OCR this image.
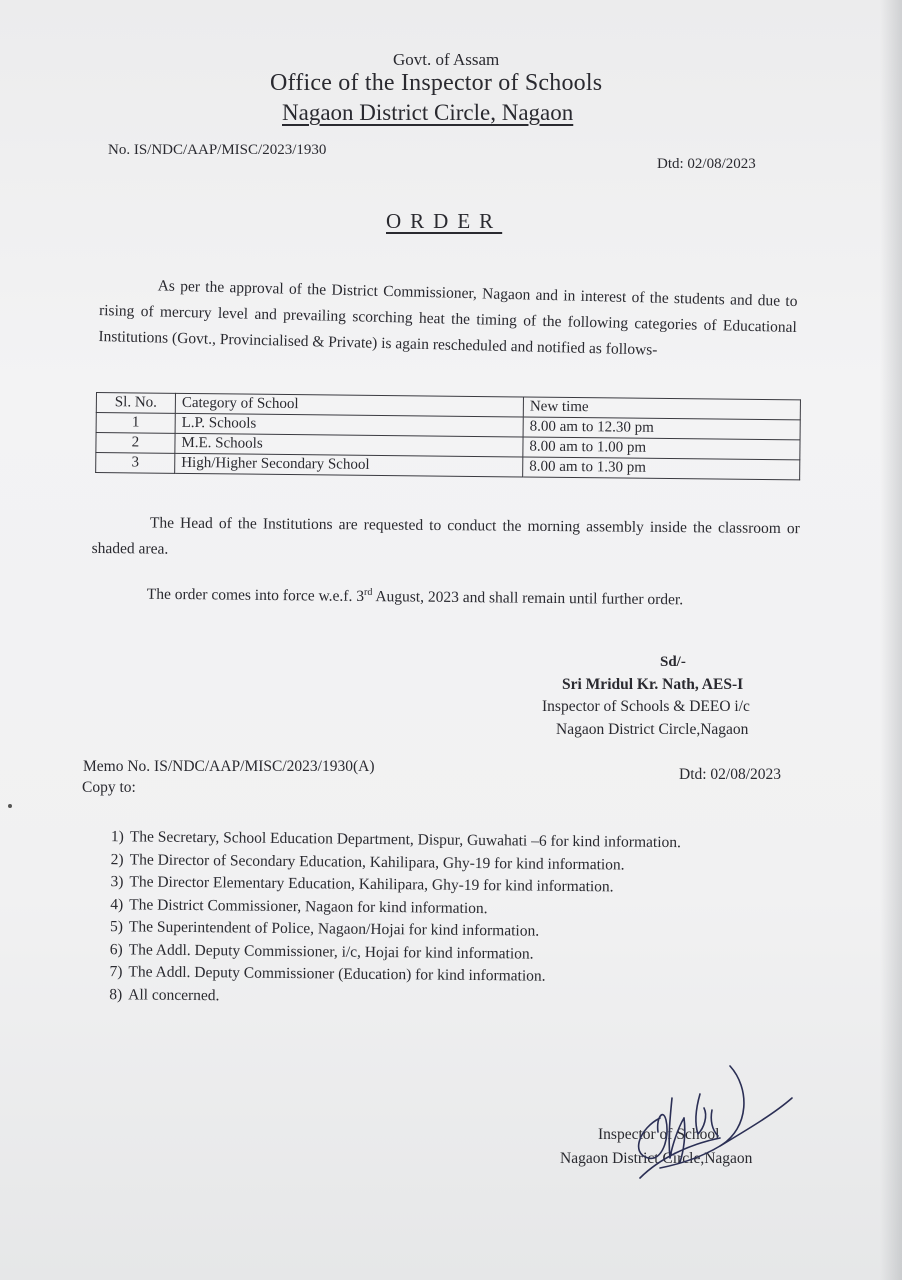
Govt. of Assam
Office of the Inspector of Schools
Nagaon District Circle, Nagaon
No. IS/NDC/AAP/MISC/2023/1930
Dtd: 02/08/2023
ORDER
As per the approval of the District Commissioner, Nagaon and in interest of the students and due to rising of mercury level and prevailing scorching heat the timing of the following categories of Educational Institutions (Govt., Provincialised & Private) is again rescheduled and notified as follows-
Sl. No.	Category of School	New time
1	L.P. Schools	8.00 am to 12.30 pm
2	M.E. Schools	8.00 am to 1.00 pm
3	High/Higher Secondary School	8.00 am to 1.30 pm
The Head of the Institutions are requested to conduct the morning assembly inside the classroom or shaded area.
The order comes into force w.e.f. 3rd August, 2023 and shall remain until further order.
Sd/-
Sri Mridul Kr. Nath, AES-I
Inspector of Schools & DEEO i/c
Nagaon District Circle,Nagaon
Memo No. IS/NDC/AAP/MISC/2023/1930(A)	Dtd: 02/08/2023
Copy to:
1) The Secretary, School Education Department, Dispur, Guwahati –6 for kind information.
2) The Director of Secondary Education, Kahilipara, Ghy-19 for kind information.
3) The Director Elementary Education, Kahilipara, Ghy-19 for kind information.
4) The District Commissioner, Nagaon for kind information.
5) The Superintendent of Police, Nagaon/Hojai for kind information.
6) The Addl. Deputy Commissioner, i/c, Hojai for kind information.
7) The Addl. Deputy Commissioner (Education) for kind information.
8) All concerned.
Inspector of School
Nagaon District Circle,Nagaon
